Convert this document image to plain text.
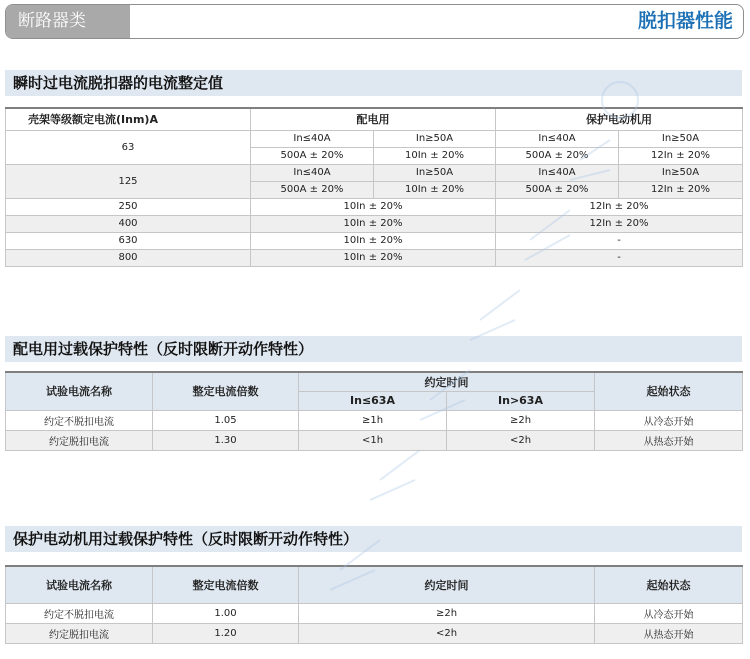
断路器类	脱扣器性能
瞬时过电流脱扣器的电流整定值
壳架等级额定电流(Inm)A	配电用		保护电动机用	
63	In≤40A	In≥50A	In≤40A	In≥50A
	500A ± 20%	10In ± 20%	500A ± 20%	12In ± 20%
125	In≤40A	In≥50A	In≤40A	In≥50A
	500A ± 20%	10In ± 20%	500A ± 20%	12In ± 20%
250	10In ± 20%		12In ± 20%	
400	10In ± 20%		12In ± 20%	
630	10In ± 20%		-	
800	10In ± 20%		-	
配电用过载保护特性（反时限断开动作特性）
试验电流名称	整定电流倍数	约定时间		起始状态
		In≤63A	In>63A	
约定不脱扣电流	1.05	≥1h	≥2h	从冷态开始
约定脱扣电流	1.30	<1h	<2h	从热态开始
保护电动机用过载保护特性（反时限断开动作特性）
试验电流名称	整定电流倍数	约定时间	起始状态
约定不脱扣电流	1.00	≥2h	从冷态开始
约定脱扣电流	1.20	<2h	从热态开始
